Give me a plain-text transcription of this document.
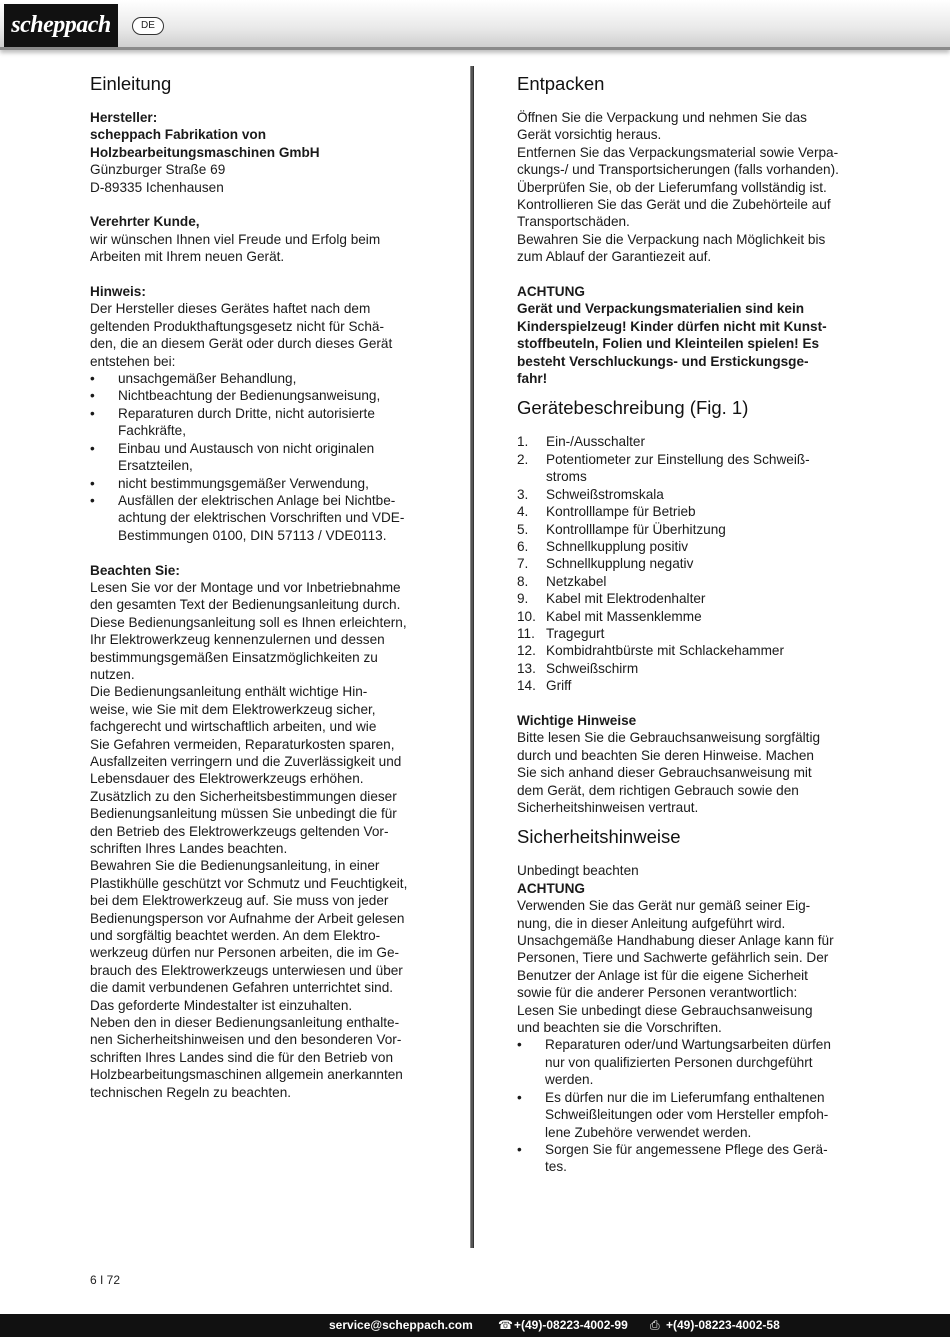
scheppach	DE
Einleitung
Hersteller:
scheppach Fabrikation von
Holzbearbeitungsmaschinen GmbH
Günzburger Straße 69
D-89335 Ichenhausen
Verehrter Kunde,
wir wünschen Ihnen viel Freude und Erfolg beim
Arbeiten mit Ihrem neuen Gerät.
Hinweis:
Der Hersteller dieses Gerätes haftet nach dem
geltenden Produkthaftungsgesetz nicht für Schä-
den, die an diesem Gerät oder durch dieses Gerät
entstehen bei:
• unsachgemäßer Behandlung,
• Nichtbeachtung der Bedienungsanweisung,
• Reparaturen durch Dritte, nicht autorisierte
Fachkräfte,
• Einbau und Austausch von nicht originalen
Ersatzteilen,
• nicht bestimmungsgemäßer Verwendung,
• Ausfällen der elektrischen Anlage bei Nichtbe-
achtung der elektrischen Vorschriften und VDE-
Bestimmungen 0100, DIN 57113 / VDE0113.
Beachten Sie:
Lesen Sie vor der Montage und vor Inbetriebnahme
den gesamten Text der Bedienungsanleitung durch.
Diese Bedienungsanleitung soll es Ihnen erleichtern,
Ihr Elektrowerkzeug kennenzulernen und dessen
bestimmungsgemäßen Einsatzmöglichkeiten zu
nutzen.
Die Bedienungsanleitung enthält wichtige Hin-
weise, wie Sie mit dem Elektrowerkzeug sicher,
fachgerecht und wirtschaftlich arbeiten, und wie
Sie Gefahren vermeiden, Reparaturkosten sparen,
Ausfallzeiten verringern und die Zuverlässigkeit und
Lebensdauer des Elektrowerkzeugs erhöhen.
Zusätzlich zu den Sicherheitsbestimmungen dieser
Bedienungsanleitung müssen Sie unbedingt die für
den Betrieb des Elektrowerkzeugs geltenden Vor-
schriften Ihres Landes beachten.
Bewahren Sie die Bedienungsanleitung, in einer
Plastikhülle geschützt vor Schmutz und Feuchtigkeit,
bei dem Elektrowerkzeug auf. Sie muss von jeder
Bedienungsperson vor Aufnahme der Arbeit gelesen
und sorgfältig beachtet werden. An dem Elektro-
werkzeug dürfen nur Personen arbeiten, die im Ge-
brauch des Elektrowerkzeugs unterwiesen und über
die damit verbundenen Gefahren unterrichtet sind.
Das geforderte Mindestalter ist einzuhalten.
Neben den in dieser Bedienungsanleitung enthalte-
nen Sicherheitshinweisen und den besonderen Vor-
schriften Ihres Landes sind die für den Betrieb von
Holzbearbeitungsmaschinen allgemein anerkannten
technischen Regeln zu beachten.
Entpacken
Öffnen Sie die Verpackung und nehmen Sie das
Gerät vorsichtig heraus.
Entfernen Sie das Verpackungsmaterial sowie Verpa-
ckungs-/ und Transportsicherungen (falls vorhanden).
Überprüfen Sie, ob der Lieferumfang vollständig ist.
Kontrollieren Sie das Gerät und die Zubehörteile auf
Transportschäden.
Bewahren Sie die Verpackung nach Möglichkeit bis
zum Ablauf der Garantiezeit auf.
ACHTUNG
Gerät und Verpackungsmaterialien sind kein
Kinderspielzeug! Kinder dürfen nicht mit Kunst-
stoffbeuteln, Folien und Kleinteilen spielen! Es
besteht Verschluckungs- und Erstickungsge-
fahr!
Gerätebeschreibung (Fig. 1)
1. Ein-/Ausschalter
2. Potentiometer zur Einstellung des Schweiß-
stroms
3. Schweißstromskala
4. Kontrolllampe für Betrieb
5. Kontrolllampe für Überhitzung
6. Schnellkupplung positiv
7. Schnellkupplung negativ
8. Netzkabel
9. Kabel mit Elektrodenhalter
10. Kabel mit Massenklemme
11. Tragegurt
12. Kombidrahtbürste mit Schlackehammer
13. Schweißschirm
14. Griff
Wichtige Hinweise
Bitte lesen Sie die Gebrauchsanweisung sorgfältig
durch und beachten Sie deren Hinweise. Machen
Sie sich anhand dieser Gebrauchsanweisung mit
dem Gerät, dem richtigen Gebrauch sowie den
Sicherheitshinweisen vertraut.
Sicherheitshinweise
Unbedingt beachten
ACHTUNG
Verwenden Sie das Gerät nur gemäß seiner Eig-
nung, die in dieser Anleitung aufgeführt wird.
Unsachgemäße Handhabung dieser Anlage kann für
Personen, Tiere und Sachwerte gefährlich sein. Der
Benutzer der Anlage ist für die eigene Sicherheit
sowie für die anderer Personen verantwortlich:
Lesen Sie unbedingt diese Gebrauchsanweisung
und beachten sie die Vorschriften.
• Reparaturen oder/und Wartungsarbeiten dürfen
nur von qualifizierten Personen durchgeführt
werden.
• Es dürfen nur die im Lieferumfang enthaltenen
Schweißleitungen oder vom Hersteller empfoh-
lene Zubehöre verwendet werden.
• Sorgen Sie für angemessene Pflege des Gerä-
tes.
6 I 72
service@scheppach.com ☎+(49)-08223-4002-99 ⎙ +(49)-08223-4002-58
